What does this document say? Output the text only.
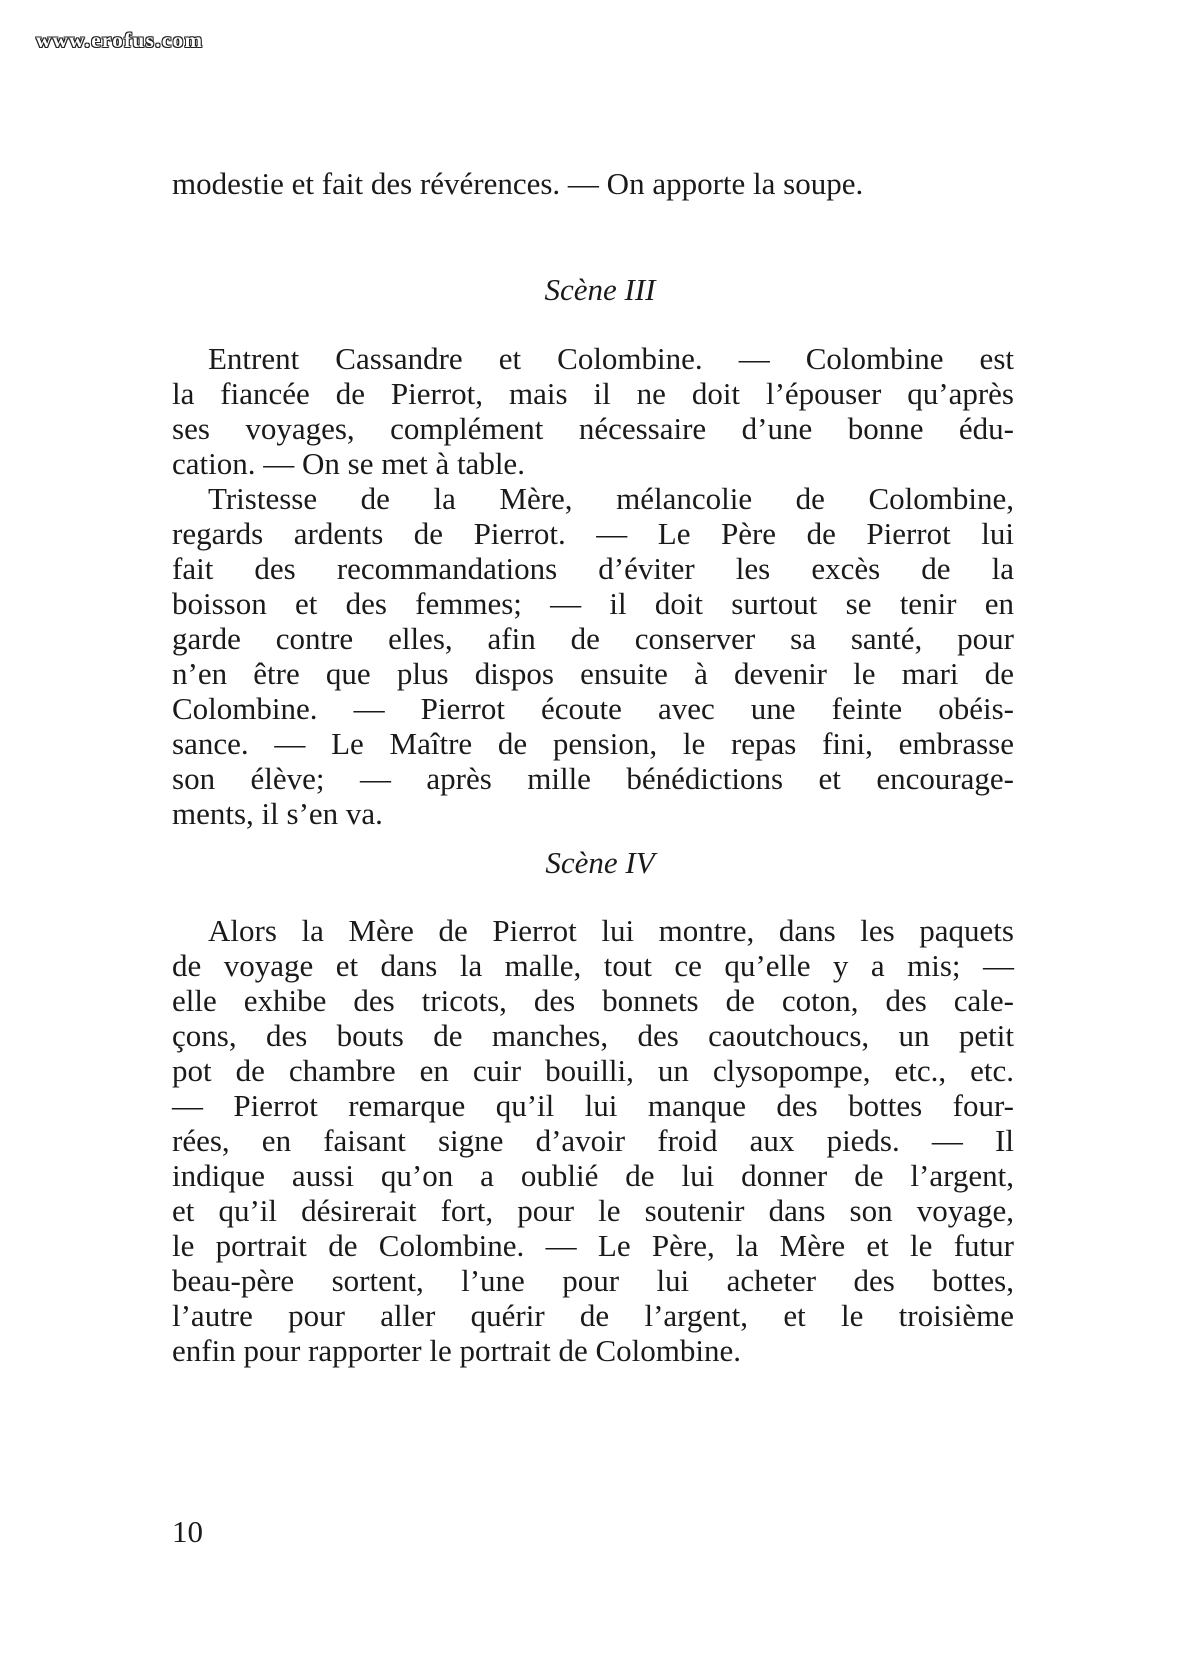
www.erofus.com
modestie et fait des révérences. — On apporte la soupe.
Scène III
Entrent Cassandre et Colombine. — Colombine est
la fiancée de Pierrot, mais il ne doit l’épouser qu’après
ses voyages, complément nécessaire d’une bonne édu-
cation. — On se met à table.
Tristesse de la Mère, mélancolie de Colombine,
regards ardents de Pierrot. — Le Père de Pierrot lui
fait des recommandations d’éviter les excès de la
boisson et des femmes; — il doit surtout se tenir en
garde contre elles, afin de conserver sa santé, pour
n’en être que plus dispos ensuite à devenir le mari de
Colombine. — Pierrot écoute avec une feinte obéis-
sance. — Le Maître de pension, le repas fini, embrasse
son élève; — après mille bénédictions et encourage-
ments, il s’en va.
Scène IV
Alors la Mère de Pierrot lui montre, dans les paquets
de voyage et dans la malle, tout ce qu’elle y a mis; —
elle exhibe des tricots, des bonnets de coton, des cale-
çons, des bouts de manches, des caoutchoucs, un petit
pot de chambre en cuir bouilli, un clysopompe, etc., etc.
— Pierrot remarque qu’il lui manque des bottes four-
rées, en faisant signe d’avoir froid aux pieds. — Il
indique aussi qu’on a oublié de lui donner de l’argent,
et qu’il désirerait fort, pour le soutenir dans son voyage,
le portrait de Colombine. — Le Père, la Mère et le futur
beau-père sortent, l’une pour lui acheter des bottes,
l’autre pour aller quérir de l’argent, et le troisième
enfin pour rapporter le portrait de Colombine.
10
